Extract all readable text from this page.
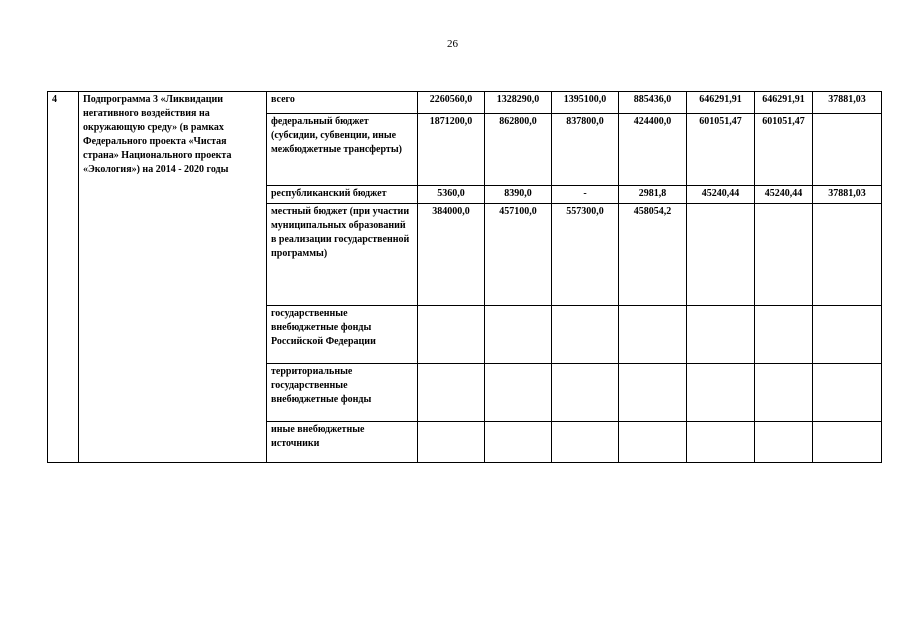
26
4	Подпрограмма 3 «Ликвидации негативного воздействия на окружающую среду» (в рамках Федерального проекта «Чистая страна» Национального проекта «Экология») на 2014 - 2020 годы	всего	2260560,0	1328290,0	1395100,0	885436,0	646291,91	646291,91	37881,03
		федеральный бюджет (субсидии, субвенции, иные межбюджетные трансферты)	1871200,0	862800,0	837800,0	424400,0	601051,47	601051,47	
		республиканский бюджет	5360,0	8390,0	-	2981,8	45240,44	45240,44	37881,03
		местный бюджет (при участии муниципальных образований в реализации государственной программы)	384000,0	457100,0	557300,0	458054,2			
		государственные внебюджетные фонды Российской Федерации							
		территориальные государственные внебюджетные фонды							
		иные внебюджетные источники							
